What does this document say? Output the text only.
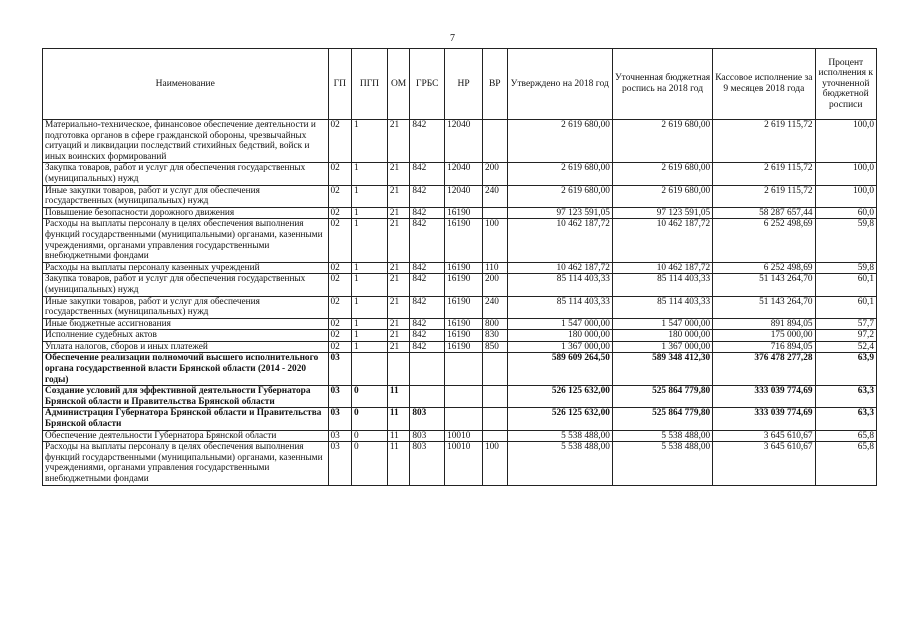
7
Наименование	ГП	ПГП	ОМ	ГРБС	НР	ВР	Утверждено на 2018 год	Уточненная бюджетная роспись на 2018 год	Кассовое исполнение за 9 месяцев 2018 года	Процент исполнения к уточненной бюджетной росписи
Материально-техническое, финансовое обеспечение деятельности и подготовка органов в сфере гражданской обороны, чрезвычайных ситуаций и ликвидации последствий стихийных бедствий, войск и иных воинских формирований	02	1	21	842	12040		2 619 680,00	2 619 680,00	2 619 115,72	100,0
Закупка товаров, работ и услуг для обеспечения государственных (муниципальных) нужд	02	1	21	842	12040	200	2 619 680,00	2 619 680,00	2 619 115,72	100,0
Иные закупки товаров, работ и услуг для обеспечения государственных (муниципальных) нужд	02	1	21	842	12040	240	2 619 680,00	2 619 680,00	2 619 115,72	100,0
Повышение безопасности дорожного движения	02	1	21	842	16190		97 123 591,05	97 123 591,05	58 287 657,44	60,0
Расходы на выплаты персоналу в целях обеспечения выполнения функций государственными (муниципальными) органами, казенными учреждениями, органами управления государственными внебюджетными фондами	02	1	21	842	16190	100	10 462 187,72	10 462 187,72	6 252 498,69	59,8
Расходы на выплаты персоналу казенных учреждений	02	1	21	842	16190	110	10 462 187,72	10 462 187,72	6 252 498,69	59,8
Закупка товаров, работ и услуг для обеспечения государственных (муниципальных) нужд	02	1	21	842	16190	200	85 114 403,33	85 114 403,33	51 143 264,70	60,1
Иные закупки товаров, работ и услуг для обеспечения государственных (муниципальных) нужд	02	1	21	842	16190	240	85 114 403,33	85 114 403,33	51 143 264,70	60,1
Иные бюджетные ассигнования	02	1	21	842	16190	800	1 547 000,00	1 547 000,00	891 894,05	57,7
Исполнение судебных актов	02	1	21	842	16190	830	180 000,00	180 000,00	175 000,00	97,2
Уплата налогов, сборов и иных платежей	02	1	21	842	16190	850	1 367 000,00	1 367 000,00	716 894,05	52,4
Обеспечение реализации полномочий высшего исполнительного органа государственной власти Брянской области (2014 - 2020 годы)	03						589 609 264,50	589 348 412,30	376 478 277,28	63,9
Создание условий для эффективной деятельности Губернатора Брянской области и Правительства Брянской области	03	0	11				526 125 632,00	525 864 779,80	333 039 774,69	63,3
Администрация Губернатора Брянской области и Правительства Брянской области	03	0	11	803			526 125 632,00	525 864 779,80	333 039 774,69	63,3
Обеспечение деятельности Губернатора Брянской области	03	0	11	803	10010		5 538 488,00	5 538 488,00	3 645 610,67	65,8
Расходы на выплаты персоналу в целях обеспечения выполнения функций государственными (муниципальными) органами, казенными учреждениями, органами управления государственными внебюджетными фондами	03	0	11	803	10010	100	5 538 488,00	5 538 488,00	3 645 610,67	65,8
